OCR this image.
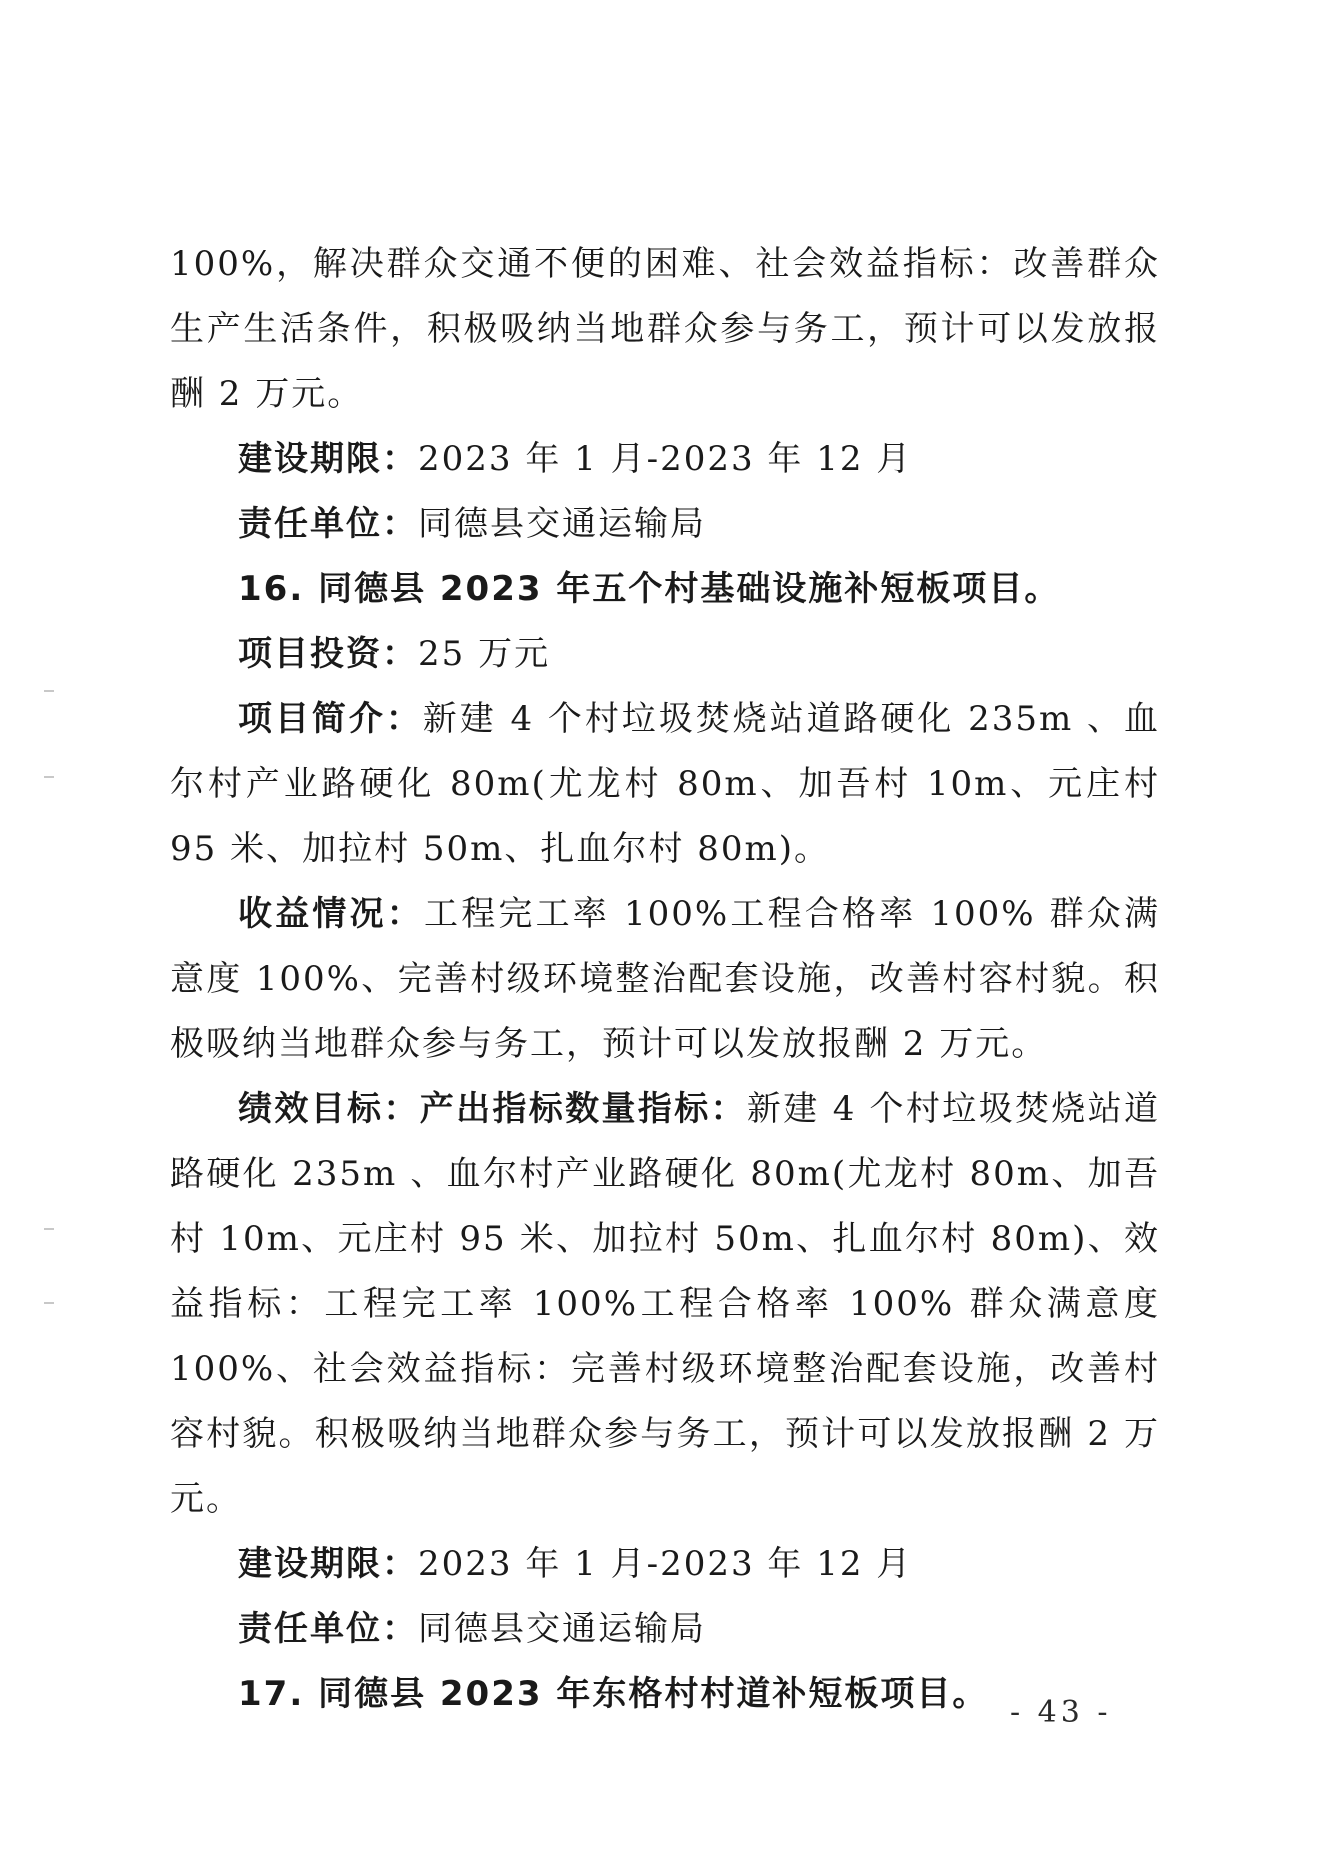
100%，解决群众交通不便的困难、社会效益指标：改善群众生产生活条件，积极吸纳当地群众参与务工，预计可以发放报酬 2 万元。

建设期限：2023 年 1 月-2023 年 12 月

责任单位：同德县交通运输局

16. 同德县 2023 年五个村基础设施补短板项目。

项目投资：25 万元

项目简介：新建 4 个村垃圾焚烧站道路硬化 235m 、血尔村产业路硬化 80m(尤龙村 80m、加吾村 10m、元庄村 95 米、加拉村 50m、扎血尔村 80m)。

收益情况：工程完工率 100%工程合格率 100% 群众满意度 100%、完善村级环境整治配套设施，改善村容村貌。积极吸纳当地群众参与务工，预计可以发放报酬 2 万元。

绩效目标：产出指标数量指标：新建 4 个村垃圾焚烧站道路硬化 235m 、血尔村产业路硬化 80m(尤龙村 80m、加吾村 10m、元庄村 95 米、加拉村 50m、扎血尔村 80m)、效益指标：工程完工率 100%工程合格率 100% 群众满意度 100%、社会效益指标：完善村级环境整治配套设施，改善村容村貌。积极吸纳当地群众参与务工，预计可以发放报酬 2 万元。

建设期限：2023 年 1 月-2023 年 12 月

责任单位：同德县交通运输局

17. 同德县 2023 年东格村村道补短板项目。 - 43 -
